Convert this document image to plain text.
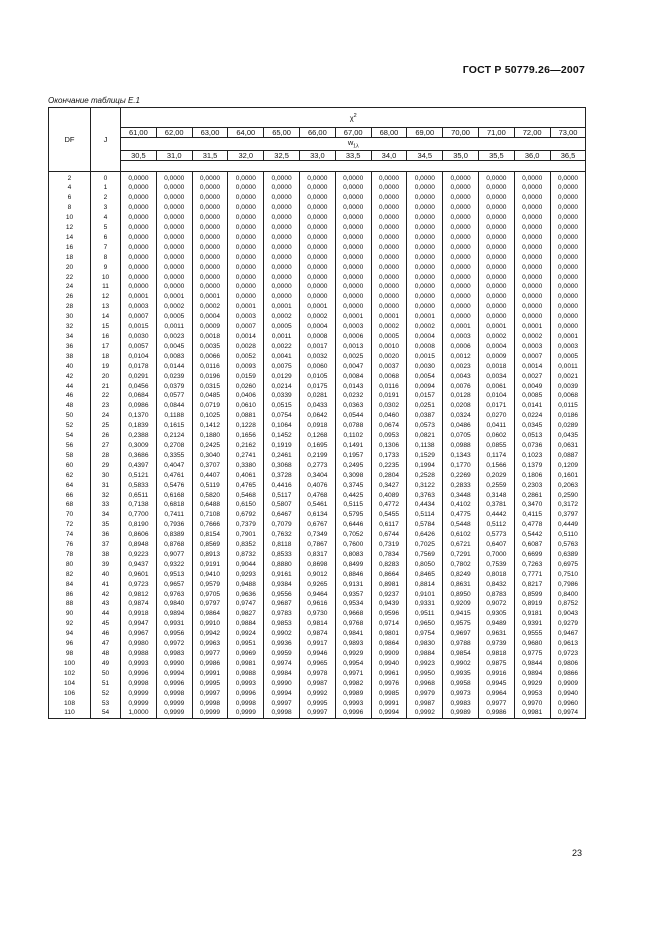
ГОСТ Р 50779.26—2007
Окончание таблицы Е.1
DF	J	$\chi^2$
		61,00	62,00	63,00	64,00	65,00	66,00	67,00	68,00	69,00	70,00	71,00	72,00	73,00
		$w_{1\lambda}$
		30,5	31,0	31,5	32,0	32,5	33,0	33,5	34,0	34,5	35,0	35,5	36,0	36,5

2	0	0,0000	0,0000	0,0000	0,0000	0,0000	0,0000	0,0000	0,0000	0,0000	0,0000	0,0000	0,0000	0,0000
4	1	0,0000	0,0000	0,0000	0,0000	0,0000	0,0000	0,0000	0,0000	0,0000	0,0000	0,0000	0,0000	0,0000
6	2	0,0000	0,0000	0,0000	0,0000	0,0000	0,0000	0,0000	0,0000	0,0000	0,0000	0,0000	0,0000	0,0000
8	3	0,0000	0,0000	0,0000	0,0000	0,0000	0,0000	0,0000	0,0000	0,0000	0,0000	0,0000	0,0000	0,0000
10	4	0,0000	0,0000	0,0000	0,0000	0,0000	0,0000	0,0000	0,0000	0,0000	0,0000	0,0000	0,0000	0,0000
12	5	0,0000	0,0000	0,0000	0,0000	0,0000	0,0000	0,0000	0,0000	0,0000	0,0000	0,0000	0,0000	0,0000
14	6	0,0000	0,0000	0,0000	0,0000	0,0000	0,0000	0,0000	0,0000	0,0000	0,0000	0,0000	0,0000	0,0000
16	7	0,0000	0,0000	0,0000	0,0000	0,0000	0,0000	0,0000	0,0000	0,0000	0,0000	0,0000	0,0000	0,0000
18	8	0,0000	0,0000	0,0000	0,0000	0,0000	0,0000	0,0000	0,0000	0,0000	0,0000	0,0000	0,0000	0,0000
20	9	0,0000	0,0000	0,0000	0,0000	0,0000	0,0000	0,0000	0,0000	0,0000	0,0000	0,0000	0,0000	0,0000
22	10	0,0000	0,0000	0,0000	0,0000	0,0000	0,0000	0,0000	0,0000	0,0000	0,0000	0,0000	0,0000	0,0000
24	11	0,0000	0,0000	0,0000	0,0000	0,0000	0,0000	0,0000	0,0000	0,0000	0,0000	0,0000	0,0000	0,0000
26	12	0,0001	0,0001	0,0001	0,0000	0,0000	0,0000	0,0000	0,0000	0,0000	0,0000	0,0000	0,0000	0,0000
28	13	0,0003	0,0002	0,0002	0,0001	0,0001	0,0001	0,0000	0,0000	0,0000	0,0000	0,0000	0,0000	0,0000
30	14	0,0007	0,0005	0,0004	0,0003	0,0002	0,0002	0,0001	0,0001	0,0001	0,0000	0,0000	0,0000	0,0000
32	15	0,0015	0,0011	0,0009	0,0007	0,0005	0,0004	0,0003	0,0002	0,0002	0,0001	0,0001	0,0001	0,0000
34	16	0,0030	0,0023	0,0018	0,0014	0,0011	0,0008	0,0006	0,0005	0,0004	0,0003	0,0002	0,0002	0,0001
36	17	0,0057	0,0045	0,0035	0,0028	0,0022	0,0017	0,0013	0,0010	0,0008	0,0006	0,0004	0,0003	0,0003
38	18	0,0104	0,0083	0,0066	0,0052	0,0041	0,0032	0,0025	0,0020	0,0015	0,0012	0,0009	0,0007	0,0005
40	19	0,0178	0,0144	0,0116	0,0093	0,0075	0,0060	0,0047	0,0037	0,0030	0,0023	0,0018	0,0014	0,0011
42	20	0,0291	0,0239	0,0196	0,0159	0,0129	0,0105	0,0084	0,0068	0,0054	0,0043	0,0034	0,0027	0,0021
44	21	0,0456	0,0379	0,0315	0,0260	0,0214	0,0175	0,0143	0,0116	0,0094	0,0076	0,0061	0,0049	0,0039
46	22	0,0684	0,0577	0,0485	0,0406	0,0339	0,0281	0,0232	0,0191	0,0157	0,0128	0,0104	0,0085	0,0068
48	23	0,0986	0,0844	0,0719	0,0610	0,0515	0,0433	0,0363	0,0302	0,0251	0,0208	0,0171	0,0141	0,0115
50	24	0,1370	0,1188	0,1025	0,0881	0,0754	0,0642	0,0544	0,0460	0,0387	0,0324	0,0270	0,0224	0,0186
52	25	0,1839	0,1615	0,1412	0,1228	0,1064	0,0918	0,0788	0,0674	0,0573	0,0486	0,0411	0,0345	0,0289
54	26	0,2388	0,2124	0,1880	0,1656	0,1452	0,1268	0,1102	0,0953	0,0821	0,0705	0,0602	0,0513	0,0435
56	27	0,3009	0,2708	0,2425	0,2162	0,1919	0,1695	0,1491	0,1306	0,1138	0,0988	0,0855	0,0736	0,0631
58	28	0,3686	0,3355	0,3040	0,2741	0,2461	0,2199	0,1957	0,1733	0,1529	0,1343	0,1174	0,1023	0,0887
60	29	0,4397	0,4047	0,3707	0,3380	0,3068	0,2773	0,2495	0,2235	0,1994	0,1770	0,1566	0,1379	0,1209
62	30	0,5121	0,4761	0,4407	0,4061	0,3728	0,3404	0,3098	0,2804	0,2528	0,2269	0,2029	0,1806	0,1601
64	31	0,5833	0,5476	0,5119	0,4765	0,4416	0,4076	0,3745	0,3427	0,3122	0,2833	0,2559	0,2303	0,2063
66	32	0,6511	0,6168	0,5820	0,5468	0,5117	0,4768	0,4425	0,4089	0,3763	0,3448	0,3148	0,2861	0,2590
68	33	0,7138	0,6818	0,6488	0,6150	0,5807	0,5461	0,5115	0,4772	0,4434	0,4102	0,3781	0,3470	0,3172
70	34	0,7700	0,7411	0,7108	0,6792	0,6467	0,6134	0,5795	0,5455	0,5114	0,4775	0,4442	0,4115	0,3797
72	35	0,8190	0,7936	0,7666	0,7379	0,7079	0,6767	0,6446	0,6117	0,5784	0,5448	0,5112	0,4778	0,4449
74	36	0,8606	0,8389	0,8154	0,7901	0,7632	0,7349	0,7052	0,6744	0,6426	0,6102	0,5773	0,5442	0,5110
76	37	0,8948	0,8768	0,8569	0,8352	0,8118	0,7867	0,7600	0,7319	0,7025	0,6721	0,6407	0,6087	0,5763
78	38	0,9223	0,9077	0,8913	0,8732	0,8533	0,8317	0,8083	0,7834	0,7569	0,7291	0,7000	0,6699	0,6389
80	39	0,9437	0,9322	0,9191	0,9044	0,8880	0,8698	0,8499	0,8283	0,8050	0,7802	0,7539	0,7263	0,6975
82	40	0,9601	0,9513	0,9410	0,9293	0,9161	0,9012	0,8846	0,8664	0,8465	0,8249	0,8018	0,7771	0,7510
84	41	0,9723	0,9657	0,9579	0,9488	0,9384	0,9265	0,9131	0,8981	0,8814	0,8631	0,8432	0,8217	0,7986
86	42	0,9812	0,9763	0,9705	0,9636	0,9556	0,9464	0,9357	0,9237	0,9101	0,8950	0,8783	0,8599	0,8400
88	43	0,9874	0,9840	0,9797	0,9747	0,9687	0,9616	0,9534	0,9439	0,9331	0,9209	0,9072	0,8919	0,8752
90	44	0,9918	0,9894	0,9864	0,9827	0,9783	0,9730	0,9668	0,9596	0,9511	0,9415	0,9305	0,9181	0,9043
92	45	0,9947	0,9931	0,9910	0,9884	0,9853	0,9814	0,9768	0,9714	0,9650	0,9575	0,9489	0,9391	0,9279
94	46	0,9967	0,9956	0,9942	0,9924	0,9902	0,9874	0,9841	0,9801	0,9754	0,9697	0,9631	0,9555	0,9467
96	47	0,9980	0,9972	0,9963	0,9951	0,9936	0,9917	0,9893	0,9864	0,9830	0,9788	0,9739	0,9680	0,9613
98	48	0,9988	0,9983	0,9977	0,9969	0,9959	0,9946	0,9929	0,9909	0,9884	0,9854	0,9818	0,9775	0,9723
100	49	0,9993	0,9990	0,9986	0,9981	0,9974	0,9965	0,9954	0,9940	0,9923	0,9902	0,9875	0,9844	0,9806
102	50	0,9996	0,9994	0,9991	0,9988	0,9984	0,9978	0,9971	0,9961	0,9950	0,9935	0,9916	0,9894	0,9866
104	51	0,9998	0,9996	0,9995	0,9993	0,9990	0,9987	0,9982	0,9976	0,9968	0,9958	0,9945	0,9929	0,9909
106	52	0,9999	0,9998	0,9997	0,9996	0,9994	0,9992	0,9989	0,9985	0,9979	0,9973	0,9964	0,9953	0,9940
108	53	0,9999	0,9999	0,9998	0,9998	0,9997	0,9995	0,9993	0,9991	0,9987	0,9983	0,9977	0,9970	0,9960
110	54	1,0000	0,9999	0,9999	0,9999	0,9998	0,9997	0,9996	0,9994	0,9992	0,9989	0,9986	0,9981	0,9974
23
